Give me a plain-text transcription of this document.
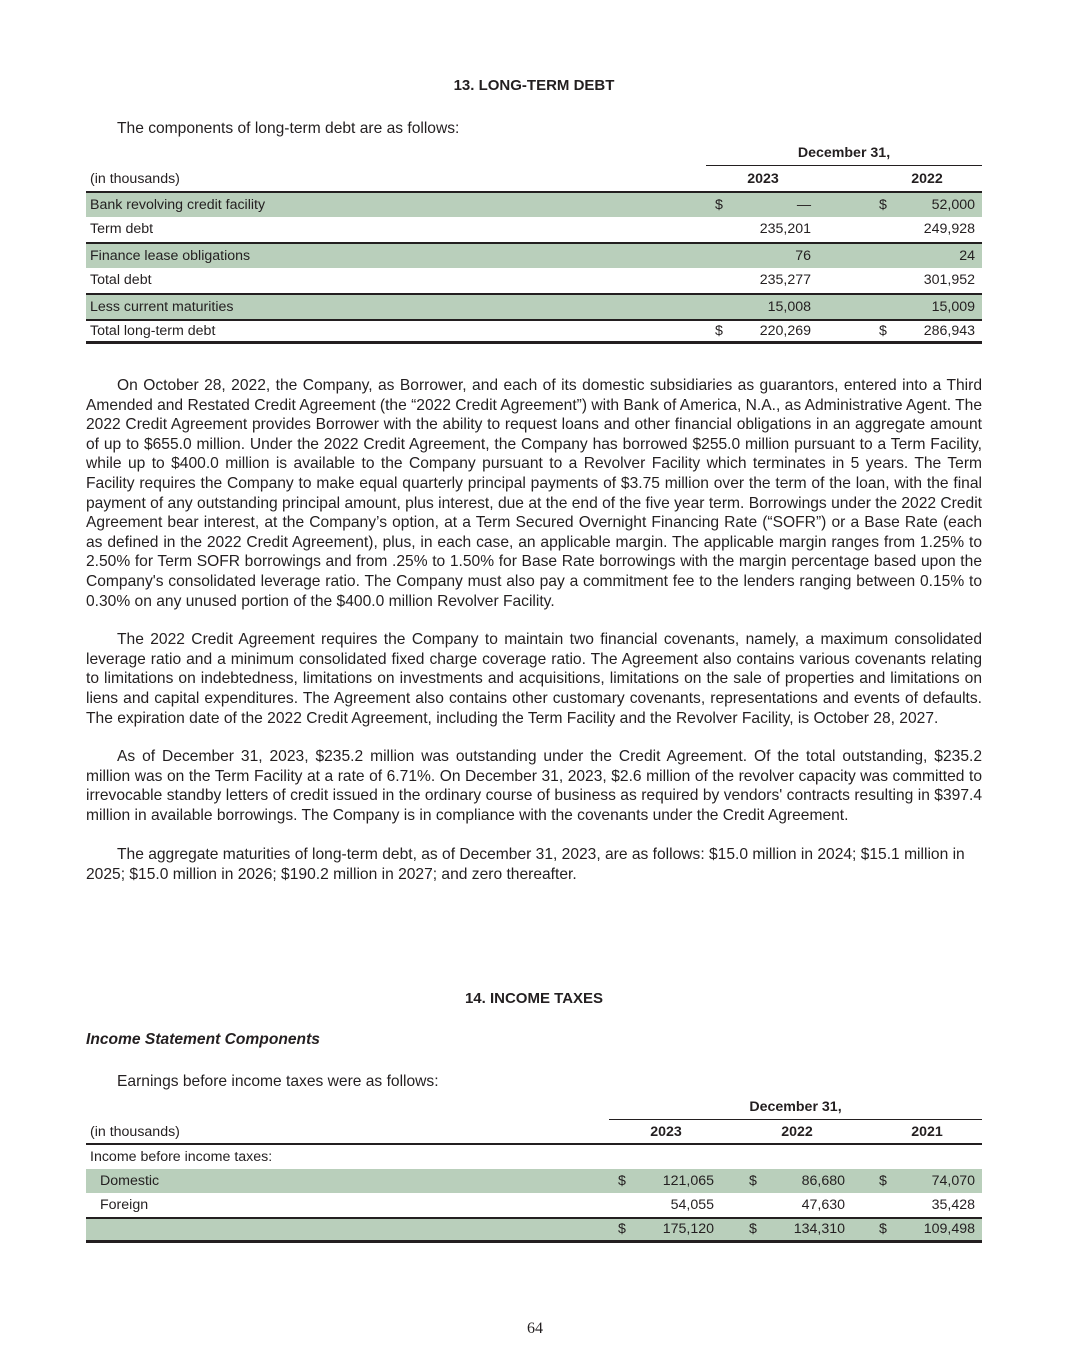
13. LONG-TERM DEBT
The components of long-term debt are as follows:
December 31,
(in thousands)	2023	2022
Bank revolving credit facility	$	—	$	52,000
Term debt	235,201	249,928
Finance lease obligations	76	24
Total debt	235,277	301,952
Less current maturities	15,008	15,009
Total long-term debt	$	220,269	$	286,943

On October 28, 2022, the Company, as Borrower, and each of its domestic subsidiaries as guarantors, entered into a Third Amended and Restated Credit Agreement (the “2022 Credit Agreement”) with Bank of America, N.A., as Administrative Agent. The 2022 Credit Agreement provides Borrower with the ability to request loans and other financial obligations in an aggregate amount of up to $655.0 million. Under the 2022 Credit Agreement, the Company has borrowed $255.0 million pursuant to a Term Facility, while up to $400.0 million is available to the Company pursuant to a Revolver Facility which terminates in 5 years. The Term Facility requires the Company to make equal quarterly principal payments of $3.75 million over the term of the loan, with the final payment of any outstanding principal amount, plus interest, due at the end of the five year term. Borrowings under the 2022 Credit Agreement bear interest, at the Company’s option, at a Term Secured Overnight Financing Rate (“SOFR”) or a Base Rate (each as defined in the 2022 Credit Agreement), plus, in each case, an applicable margin. The applicable margin ranges from 1.25% to 2.50% for Term SOFR borrowings and from .25% to 1.50% for Base Rate borrowings with the margin percentage based upon the Company's consolidated leverage ratio. The Company must also pay a commitment fee to the lenders ranging between 0.15% to 0.30% on any unused portion of the $400.0 million Revolver Facility.

The 2022 Credit Agreement requires the Company to maintain two financial covenants, namely, a maximum consolidated leverage ratio and a minimum consolidated fixed charge coverage ratio. The Agreement also contains various covenants relating to limitations on indebtedness, limitations on investments and acquisitions, limitations on the sale of properties and limitations on liens and capital expenditures. The Agreement also contains other customary covenants, representations and events of defaults. The expiration date of the 2022 Credit Agreement, including the Term Facility and the Revolver Facility, is October 28, 2027.

As of December 31, 2023, $235.2 million was outstanding under the Credit Agreement. Of the total outstanding, $235.2 million was on the Term Facility at a rate of 6.71%. On December 31, 2023, $2.6 million of the revolver capacity was committed to irrevocable standby letters of credit issued in the ordinary course of business as required by vendors' contracts resulting in $397.4 million in available borrowings. The Company is in compliance with the covenants under the Credit Agreement.

The aggregate maturities of long-term debt, as of December 31, 2023, are as follows: $15.0 million in 2024; $15.1 million in 2025; $15.0 million in 2026; $190.2 million in 2027; and zero thereafter.

14. INCOME TAXES
Income Statement Components
Earnings before income taxes were as follows:
December 31,
(in thousands)	2023	2022	2021
Income before income taxes:
Domestic	$	121,065 $	86,680 $	74,070
Foreign	54,055	47,630	35,428
$	175,120 $	134,310 $	109,498
64
